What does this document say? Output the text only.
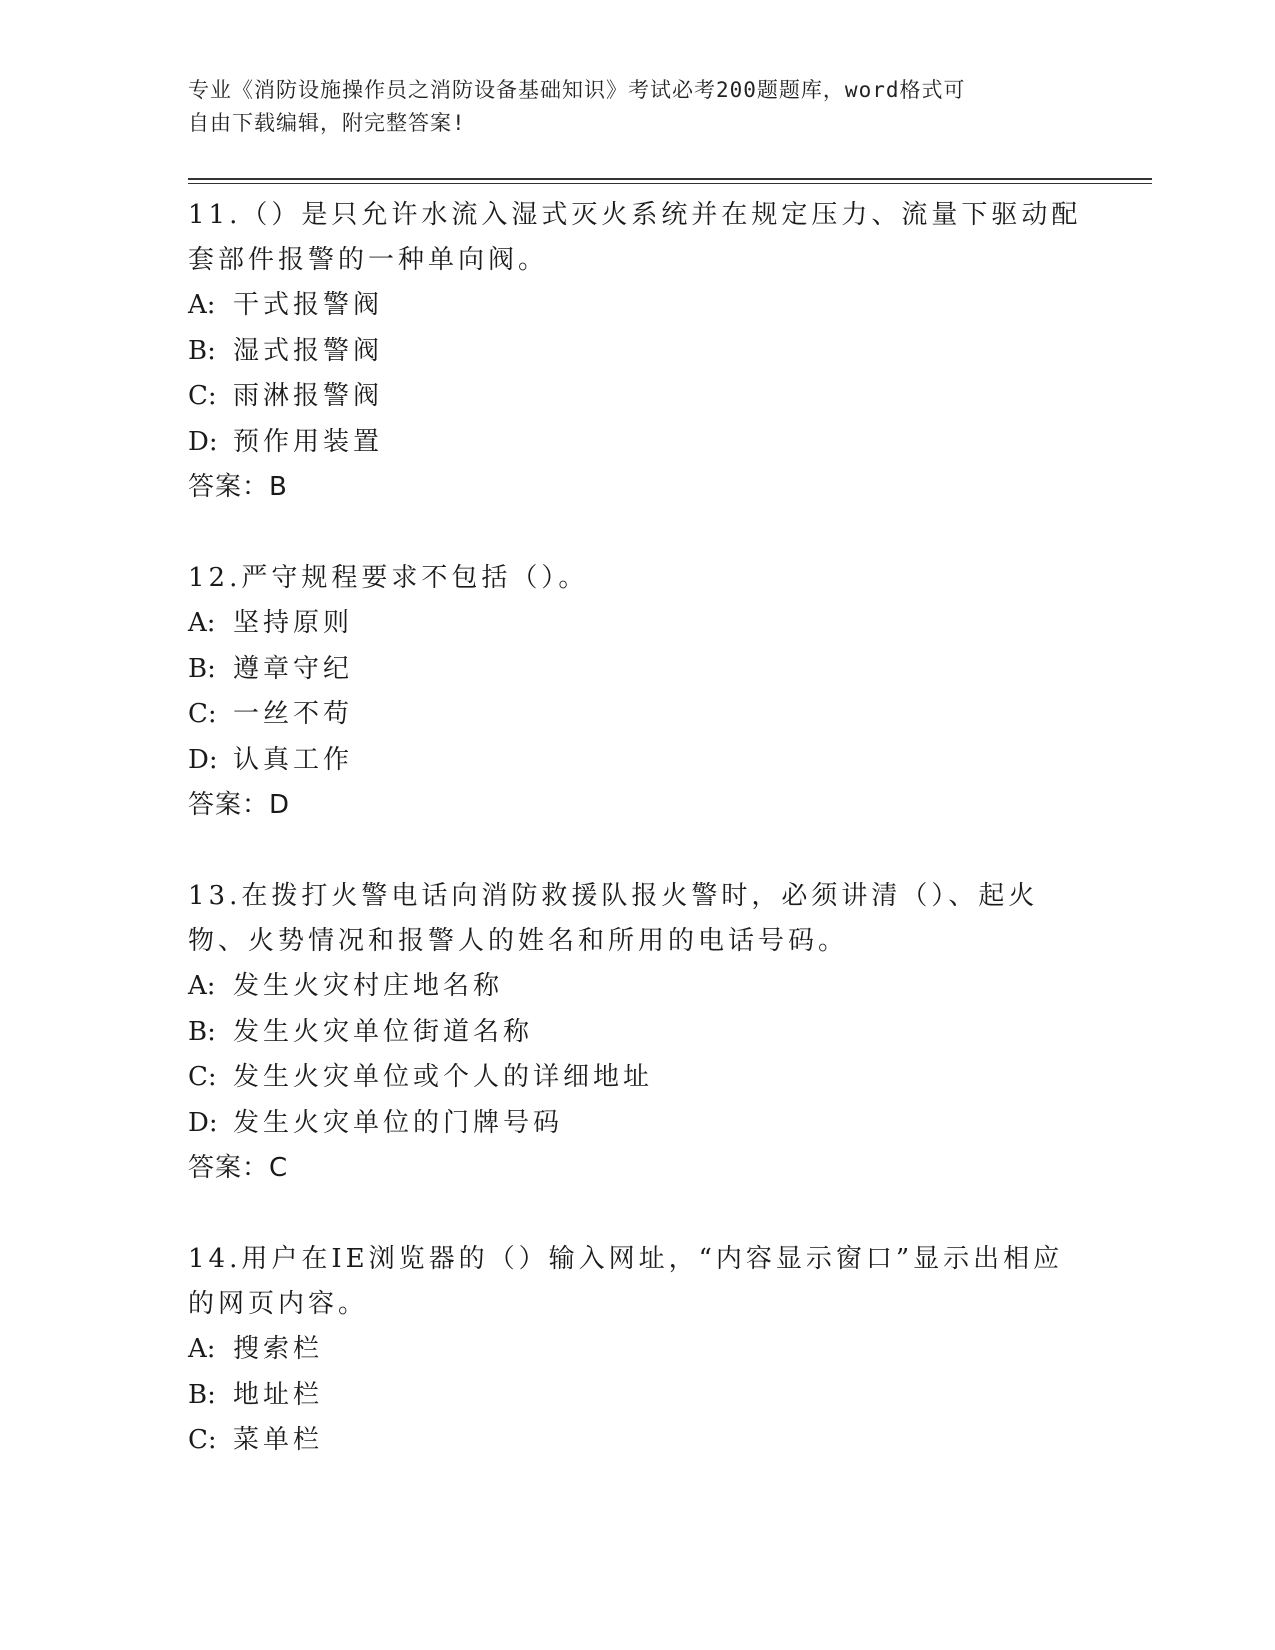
专业《消防设施操作员之消防设备基础知识》考试必考200题题库，word格式可
自由下载编辑，附完整答案!

11.（）是只允许水流入湿式灭火系统并在规定压力、流量下驱动配套部件报警的一种单向阀。

A: 干式报警阀

B: 湿式报警阀

C: 雨淋报警阀

D: 预作用装置

答案：B

12.严守规程要求不包括（）。

A: 坚持原则

B: 遵章守纪

C: 一丝不苟

D: 认真工作

答案：D

13.在拨打火警电话向消防救援队报火警时，必须讲清（）、起火物、火势情况和报警人的姓名和所用的电话号码。

A: 发生火灾村庄地名称

B: 发生火灾单位街道名称

C: 发生火灾单位或个人的详细地址

D: 发生火灾单位的门牌号码

答案：C

14.用户在IE浏览器的（）输入网址，“内容显示窗口”显示出相应的网页内容。

A: 搜索栏

B: 地址栏

C: 菜单栏
